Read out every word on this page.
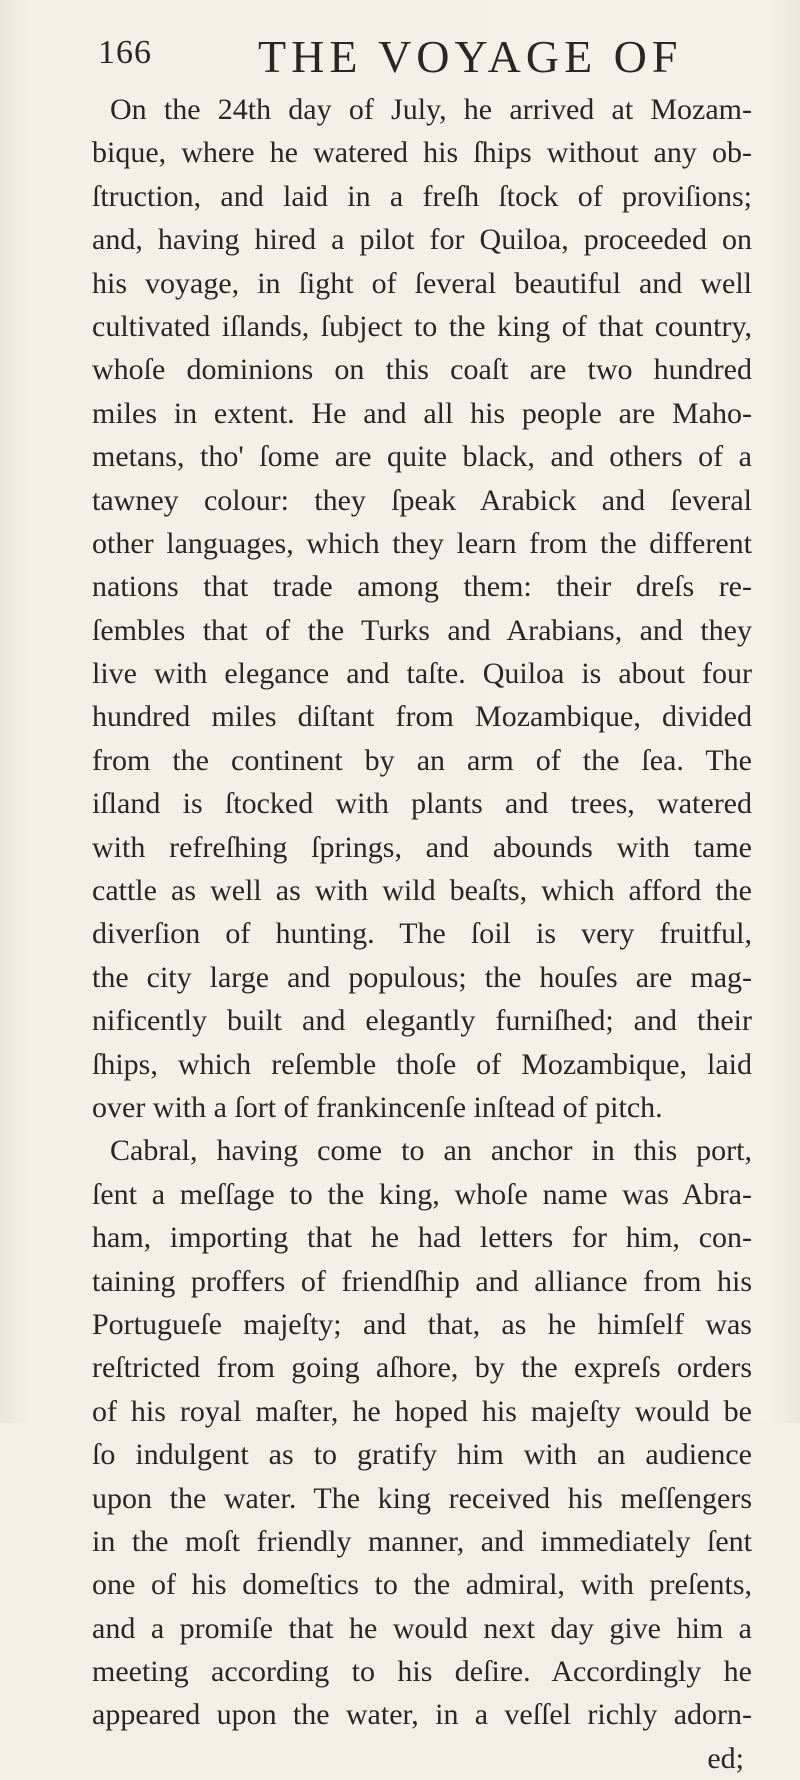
166 THE VOYAGE OF
On the 24th day of July, he arrived at Mozam-
bique, where he watered his ſhips without any ob-
ſtruction, and laid in a freſh ſtock of proviſions;
and, having hired a pilot for Quiloa, proceeded on
his voyage, in ſight of ſeveral beautiful and well
cultivated iſlands, ſubject to the king of that country,
whoſe dominions on this coaſt are two hundred
miles in extent. He and all his people are Maho-
metans, tho' ſome are quite black, and others of a
tawney colour: they ſpeak Arabick and ſeveral
other languages, which they learn from the different
nations that trade among them: their dreſs re-
ſembles that of the Turks and Arabians, and they
live with elegance and taſte. Quiloa is about four
hundred miles diſtant from Mozambique, divided
from the continent by an arm of the ſea. The
iſland is ſtocked with plants and trees, watered
with refreſhing ſprings, and abounds with tame
cattle as well as with wild beaſts, which afford the
diverſion of hunting. The ſoil is very fruitful,
the city large and populous; the houſes are mag-
nificently built and elegantly furniſhed; and their
ſhips, which reſemble thoſe of Mozambique, laid
over with a ſort of frankincenſe inſtead of pitch.
Cabral, having come to an anchor in this port,
ſent a meſſage to the king, whoſe name was Abra-
ham, importing that he had letters for him, con-
taining proffers of friendſhip and alliance from his
Portugueſe majeſty; and that, as he himſelf was
reſtricted from going aſhore, by the expreſs orders
of his royal maſter, he hoped his majeſty would be
ſo indulgent as to gratify him with an audience
upon the water. The king received his meſſengers
in the moſt friendly manner, and immediately ſent
one of his domeſtics to the admiral, with preſents,
and a promiſe that he would next day give him a
meeting according to his deſire. Accordingly he
appeared upon the water, in a veſſel richly adorn-
ed;
